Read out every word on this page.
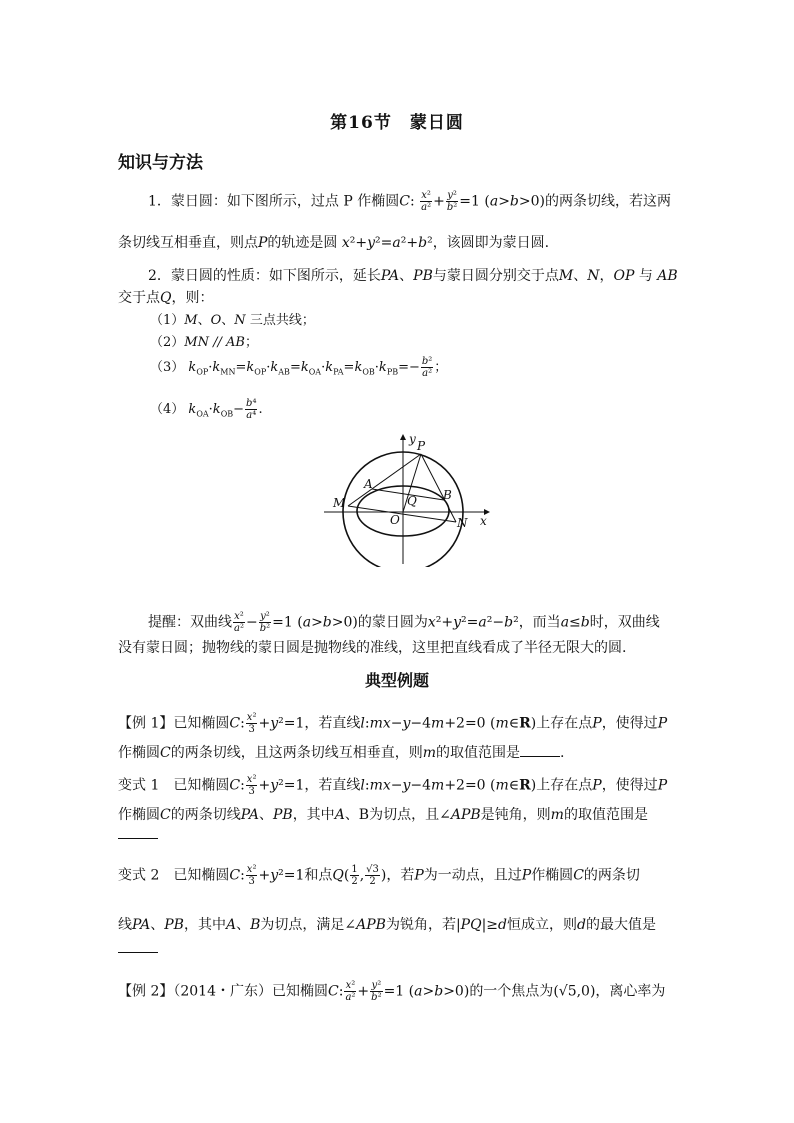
第16节　蒙日圆
知识与方法
1．蒙日圆：如下图所示，过点 P 作椭圆C: $\frac{\text{x²}}{\text{a²}} + \frac{\text{y²}}{\text{b²}} =1$ (a>b>0)的两条切线，若这两
条切线互相垂直，则点P的轨迹是圆 x²+y²=a²+b²，该圆即为蒙日圆.
2．蒙日圆的性质：如下图所示，延长PA、PB与蒙日圆分别交于点M、N，OP 与 AB
交于点Q，则：
（1）M、O、N 三点共线；
（2）MN // AB；
（3） $k_{OP}\cdot k_{MN}=k_{OP}\cdot k_{AB}=k_{OA}\cdot k_{PA}=k_{OB}\cdot k_{PB}=- \frac{\text{b²}}{\text{a²}}$ ；
（4） $k_{OA}\cdot k_{OB}- \frac{\text{b⁴}}{\text{a⁴}}$ .
y
x
P
A
B
M
N
Q
O
提醒：双曲线 $\frac{\text{x²}}{\text{a²}} - \frac{\text{y²}}{\text{b²}} =1$ (a>b>0)的蒙日圆为x²+y²=a²−b²，而当a≤b时，双曲线
没有蒙日圆；抛物线的蒙日圆是抛物线的准线，这里把直线看成了半径无限大的圆.
典型例题
【例 1】已知椭圆C: $\frac{\text{x²}}{3} +y^2=1$，若直线l:mx−y−4m+2=0 (m∈R)上存在点P，使得过P
作椭圆C的两条切线，且这两条切线互相垂直，则m的取值范围是	.
变式 1　 已知椭圆C: $\frac{\text{x²}}{3} +y^2=1$，若直线l:mx−y−4m+2=0 (m∈R)上存在点P，使得过P
作椭圆C的两条切线PA、PB，其中A、B为切点，且∠APB是钝角，则m的取值范围是
变式 2　 已知椭圆C: $\frac{\text{x²}}{3} +y^2=1$和点$Q( \frac{1}{2}$ , $\frac{√3}{2}$ )，若P为一动点，且过P作椭圆C的两条切
线PA、PB，其中A、B为切点，满足∠APB为锐角，若|PQ|≥d恒成立，则d的最大值是
【例 2】（2014・广东）已知椭圆C: $\frac{\text{x²}}{\text{a²}} + \frac{\text{y²}}{\text{b²}} =1$ (a>b>0)的一个焦点为(√5,0)，离心率为
